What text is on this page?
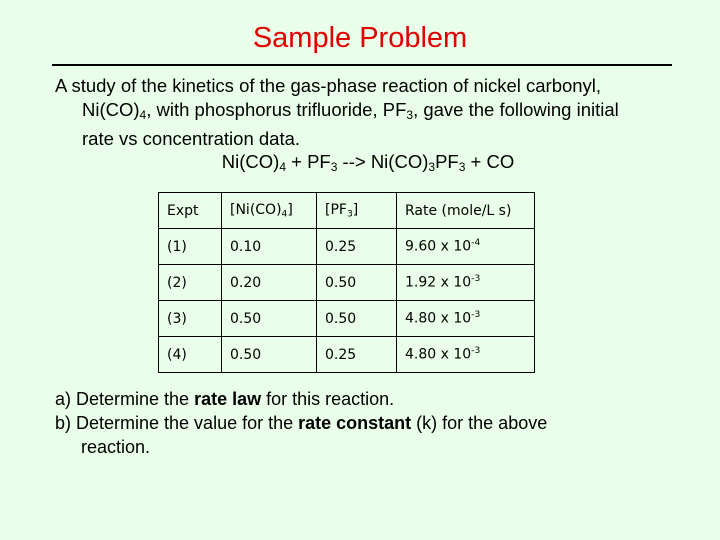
Sample Problem
A study of the kinetics of the gas-phase reaction of nickel carbonyl,
$Ni(CO)_4$, with phosphorus trifluoride, $PF_3$, gave the following initial
rate vs concentration data.
$Ni(CO)_4 + PF_3$ --> $Ni(CO)_3PF_3$ + CO
Expt	$[Ni(CO)_4]$	$[PF_3]$	Rate (mole/L s)
(1)	0.10	0.25	9.60 x $10^{-4}$
(2)	0.20	0.50	1.92 x $10^{-3}$
(3)	0.50	0.50	4.80 x $10^{-3}$
(4)	0.50	0.25	4.80 x $10^{-3}$
a) Determine the rate law for this reaction.
b) Determine the value for the rate constant (k) for the above
reaction.
